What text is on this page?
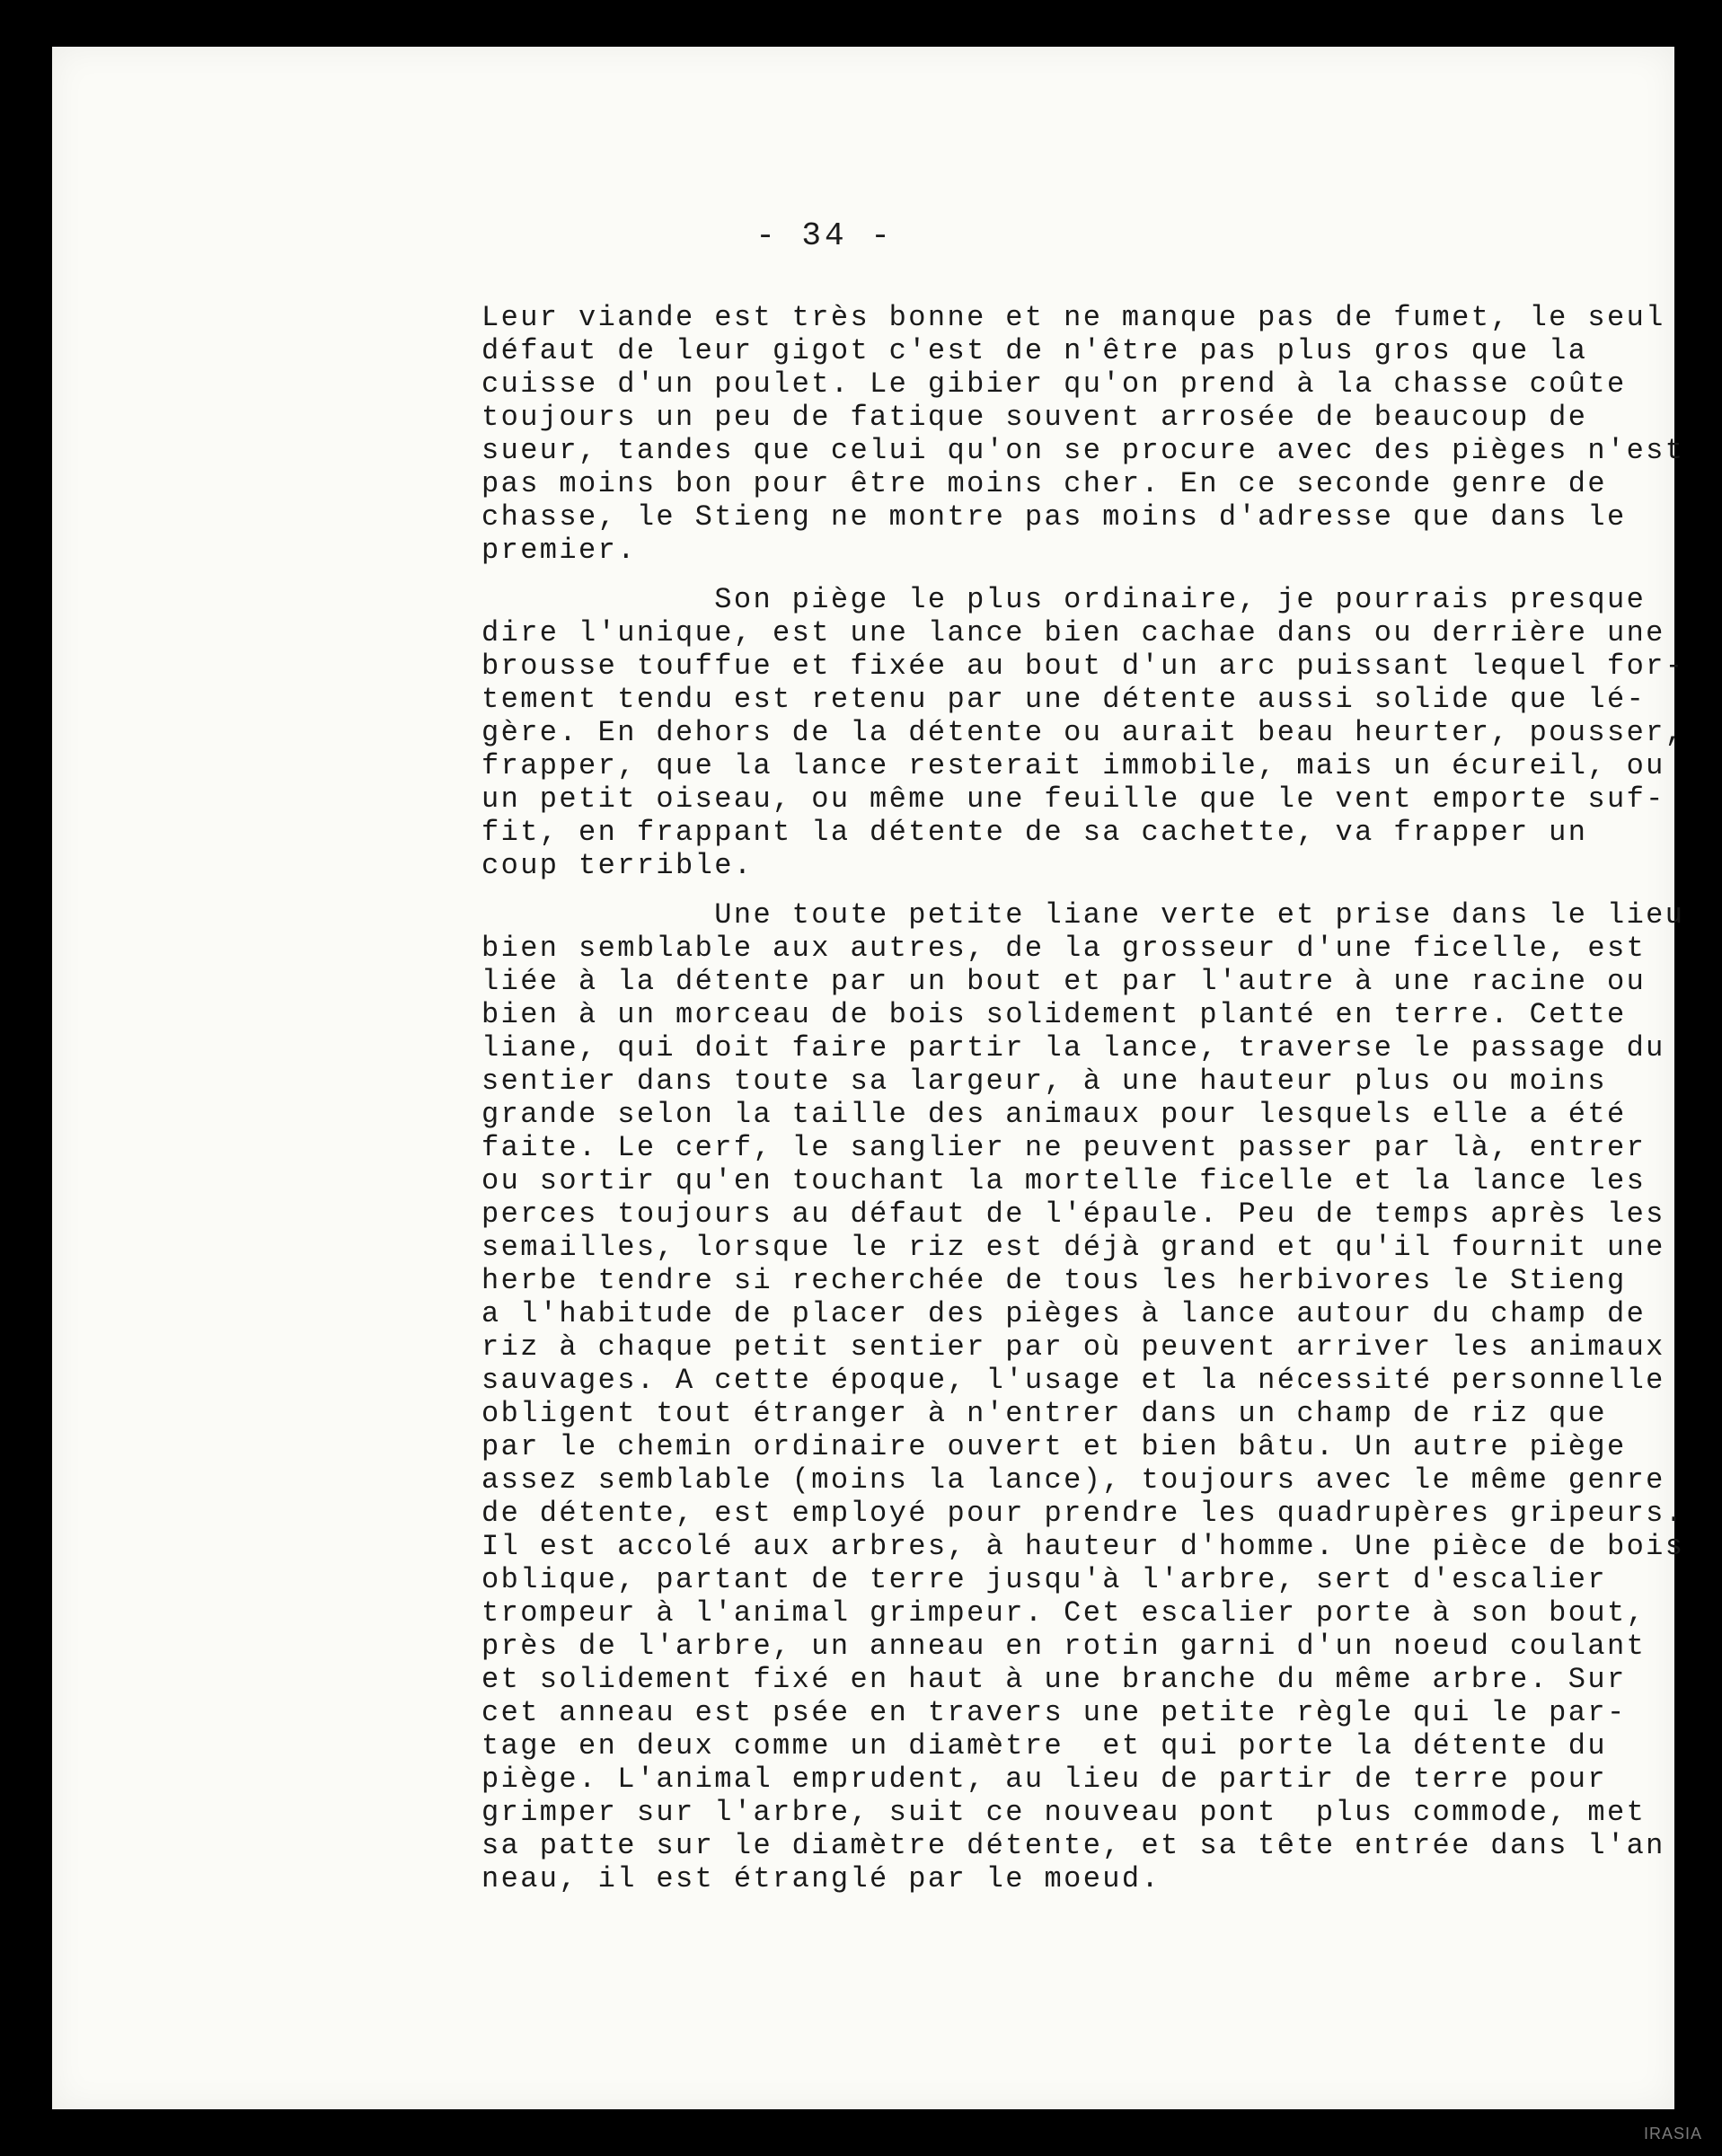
- 34 -
Leur viande est très bonne et ne manque pas de fumet, le seul
défaut de leur gigot c'est de n'être pas plus gros que la
cuisse d'un poulet. Le gibier qu'on prend à la chasse coûte
toujours un peu de fatique souvent arrosée de beaucoup de
sueur, tandes que celui qu'on se procure avec des pièges n'est
pas moins bon pour être moins cher. En ce seconde genre de
chasse, le Stieng ne montre pas moins d'adresse que dans le
premier.
Son piège le plus ordinaire, je pourrais presque
dire l'unique, est une lance bien cachae dans ou derrière une
brousse touffue et fixée au bout d'un arc puissant lequel for-
tement tendu est retenu par une détente aussi solide que lé-
gère. En dehors de la détente ou aurait beau heurter, pousser,
frapper, que la lance resterait immobile, mais un écureil, ou
un petit oiseau, ou même une feuille que le vent emporte suf-
fit, en frappant la détente de sa cachette, va frapper un
coup terrible.
Une toute petite liane verte et prise dans le lieu
bien semblable aux autres, de la grosseur d'une ficelle, est
liée à la détente par un bout et par l'autre à une racine ou
bien à un morceau de bois solidement planté en terre. Cette
liane, qui doit faire partir la lance, traverse le passage du
sentier dans toute sa largeur, à une hauteur plus ou moins
grande selon la taille des animaux pour lesquels elle a été
faite. Le cerf, le sanglier ne peuvent passer par là, entrer
ou sortir qu'en touchant la mortelle ficelle et la lance les
perces toujours au défaut de l'épaule. Peu de temps après les
semailles, lorsque le riz est déjà grand et qu'il fournit une
herbe tendre si recherchée de tous les herbivores le Stieng
a l'habitude de placer des pièges à lance autour du champ de
riz à chaque petit sentier par où peuvent arriver les animaux
sauvages. A cette époque, l'usage et la nécessité personnelle
obligent tout étranger à n'entrer dans un champ de riz que
par le chemin ordinaire ouvert et bien bâtu. Un autre piège
assez semblable (moins la lance), toujours avec le même genre
de détente, est employé pour prendre les quadrupères gripeurs.
Il est accolé aux arbres, à hauteur d'homme. Une pièce de bois
oblique, partant de terre jusqu'à l'arbre, sert d'escalier
trompeur à l'animal grimpeur. Cet escalier porte à son bout,
près de l'arbre, un anneau en rotin garni d'un noeud coulant
et solidement fixé en haut à une branche du même arbre. Sur
cet anneau est psée en travers une petite règle qui le par-
tage en deux comme un diamètre  et qui porte la détente du
piège. L'animal emprudent, au lieu de partir de terre pour
grimper sur l'arbre, suit ce nouveau pont  plus commode, met
sa patte sur le diamètre détente, et sa tête entrée dans l'an
neau, il est étranglé par le moeud.
IRASIA
